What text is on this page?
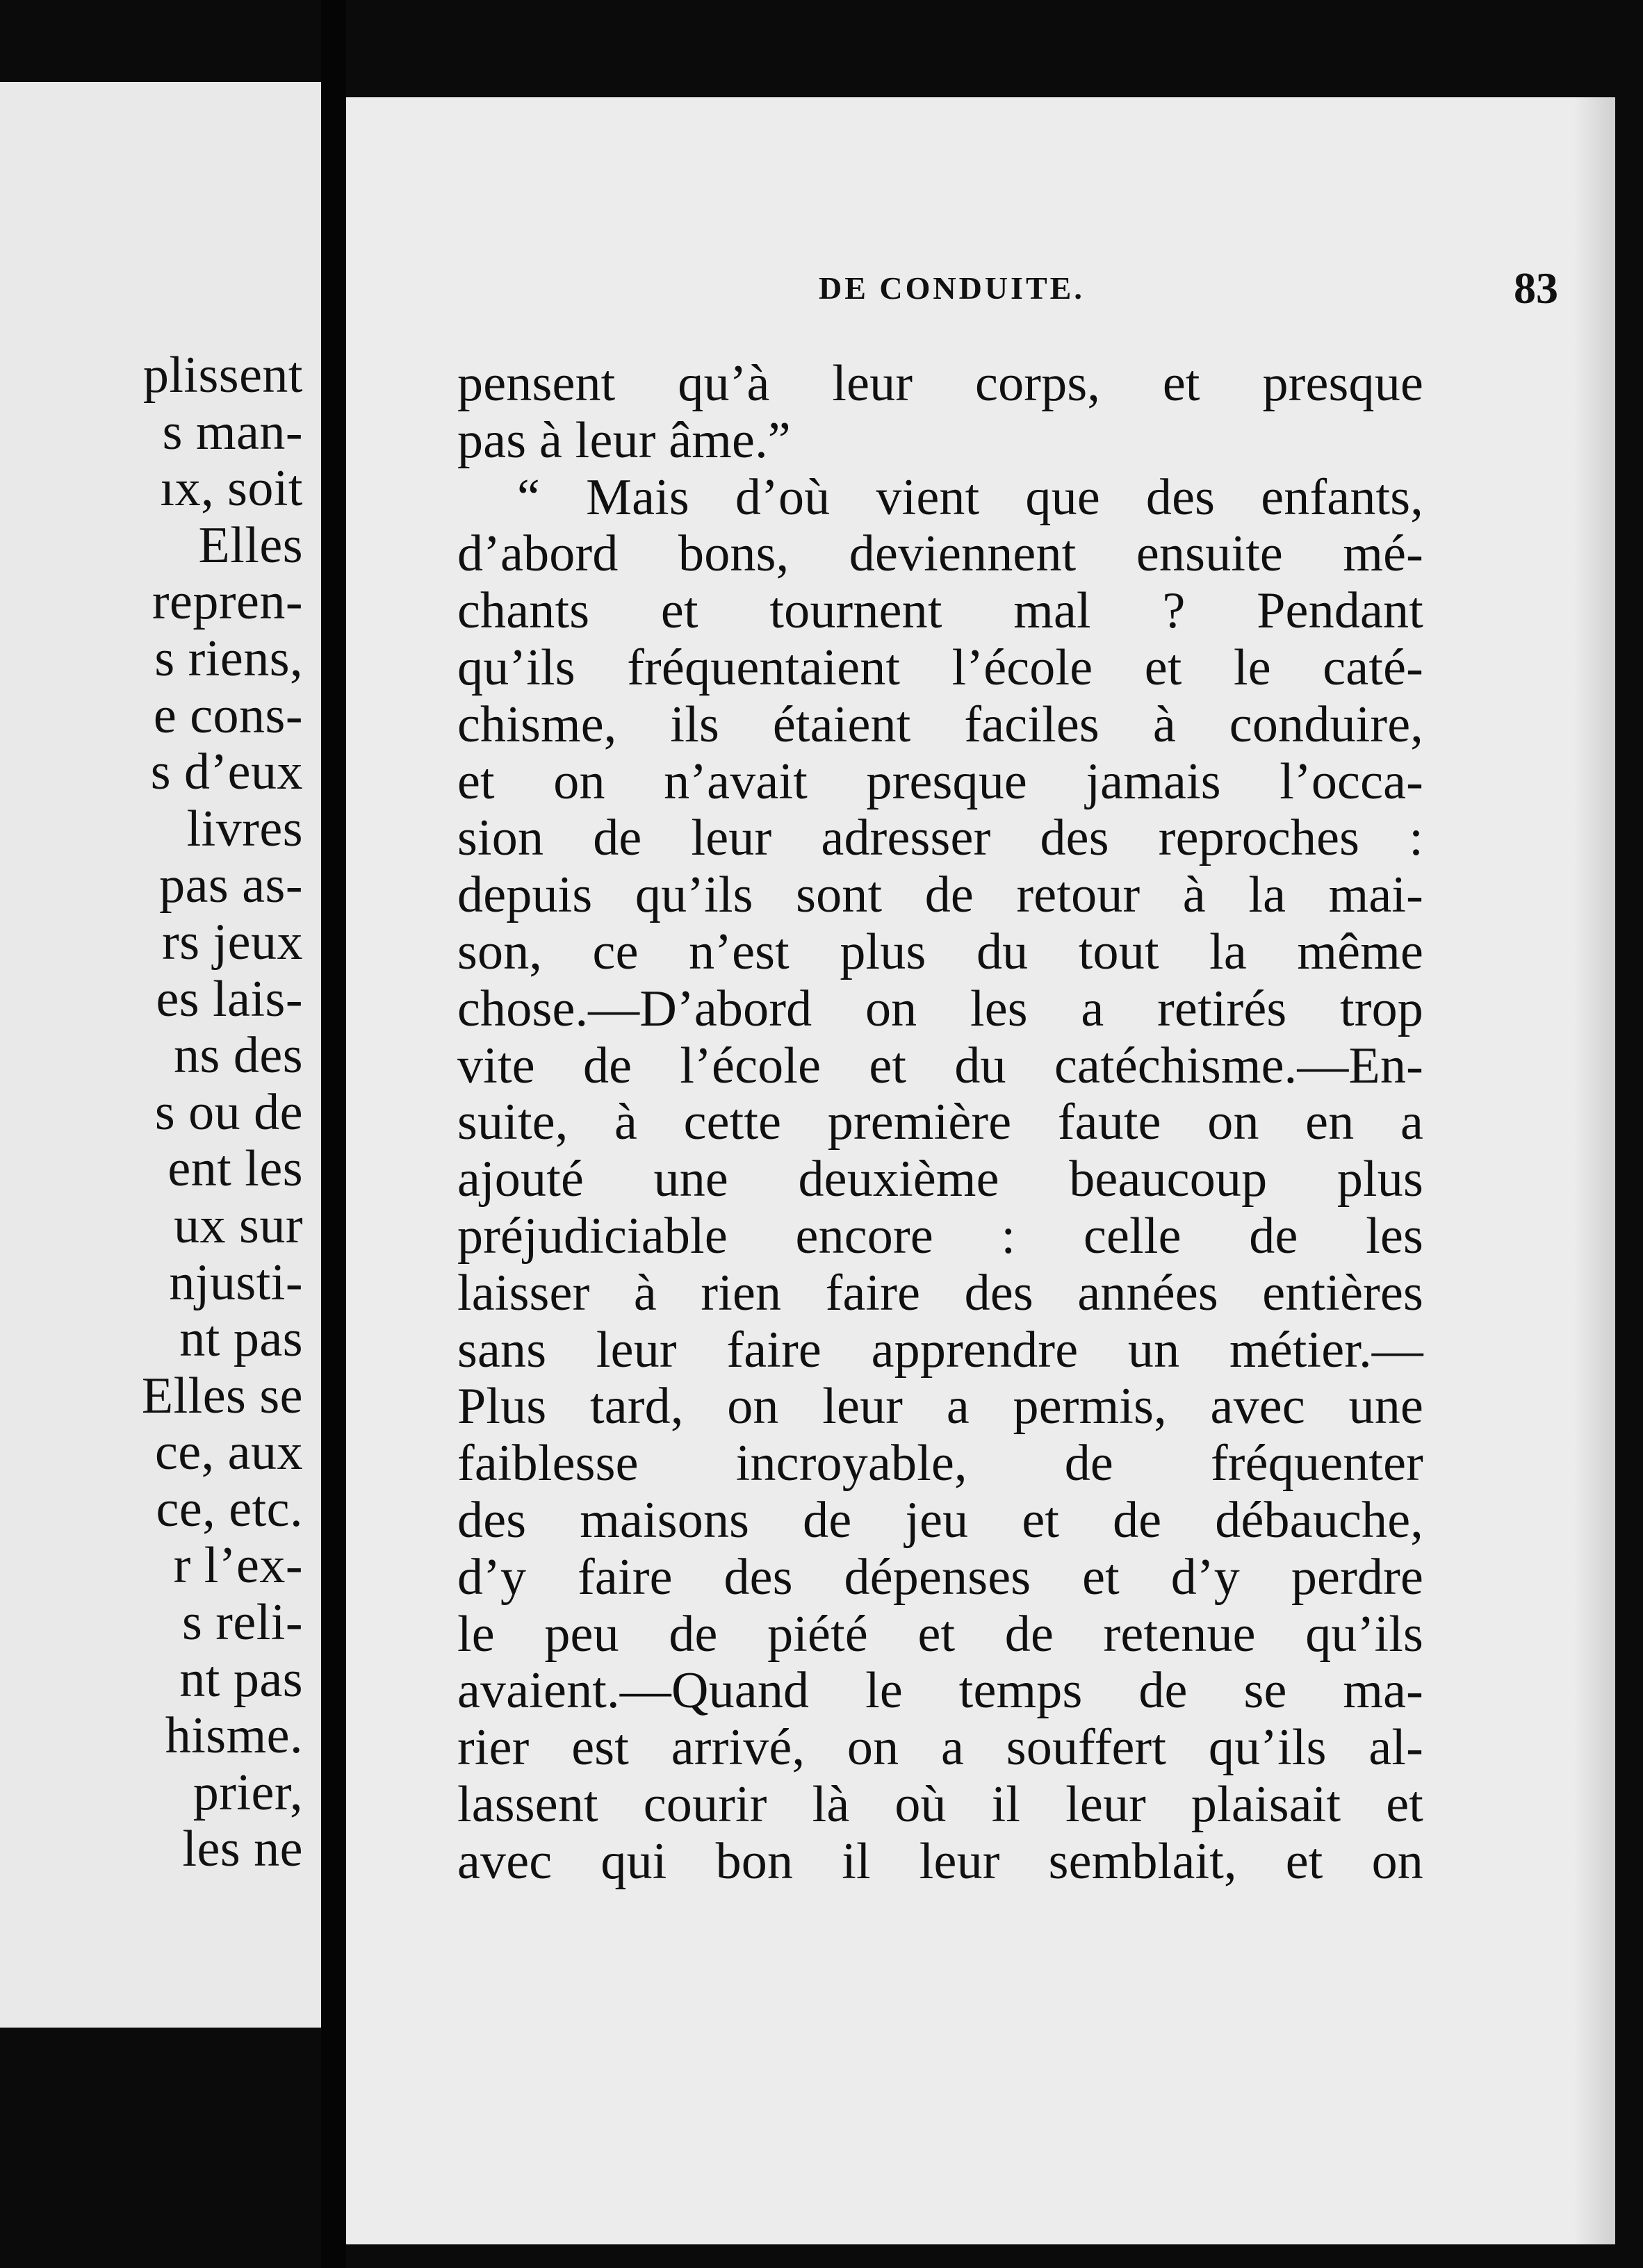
plissent
s man-
ıx, soit
Elles
repren-
s riens,
e cons-
s d’eux
livres
pas as-
rs jeux
es lais-
ns des
s ou de
ent les
ux sur
njusti-
nt pas
Elles se
ce, aux
ce, etc.
r l’ex-
s reli-
nt pas
hisme.
prier,
les ne
DE CONDUITE.	83
pensent qu’à leur corps, et presque
pas à leur âme.”
“ Mais d’où vient que des enfants,
d’abord bons, deviennent ensuite mé-
chants et tournent mal ? Pendant
qu’ils fréquentaient l’école et le caté-
chisme, ils étaient faciles à conduire,
et on n’avait presque jamais l’occa-
sion de leur adresser des reproches :
depuis qu’ils sont de retour à la mai-
son, ce n’est plus du tout la même
chose.—D’abord on les a retirés trop
vite de l’école et du catéchisme.—En-
suite, à cette première faute on en a
ajouté une deuxième beaucoup plus
préjudiciable encore : celle de les
laisser à rien faire des années entières
sans leur faire apprendre un métier.—
Plus tard, on leur a permis, avec une
faiblesse incroyable, de fréquenter
des maisons de jeu et de débauche,
d’y faire des dépenses et d’y perdre
le peu de piété et de retenue qu’ils
avaient.—Quand le temps de se ma-
rier est arrivé, on a souffert qu’ils al-
lassent courir là où il leur plaisait et
avec qui bon il leur semblait, et on
